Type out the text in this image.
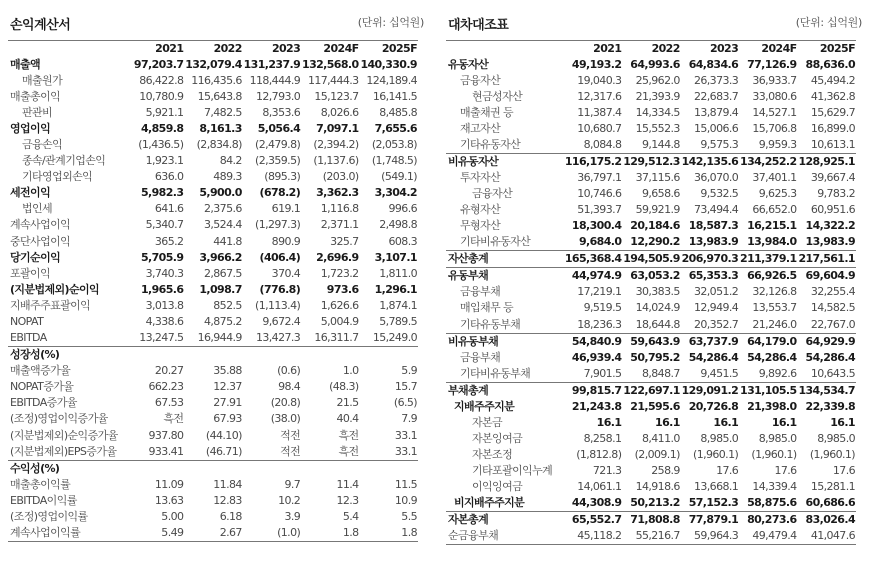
손익계산서	(단위: 십억원)
	2021	2022	2023	2024F	2025F
매출액	97,203.7	132,079.4	131,237.9	132,568.0	140,330.9
매출원가	86,422.8	116,435.6	118,444.9	117,444.3	124,189.4
매출총이익	10,780.9	15,643.8	12,793.0	15,123.7	16,141.5
판관비	5,921.1	7,482.5	8,353.6	8,026.6	8,485.8
영업이익	4,859.8	8,161.3	5,056.4	7,097.1	7,655.6
금융손익	(1,436.5)	(2,834.8)	(2,479.8)	(2,394.2)	(2,053.8)
종속/관계기업손익	1,923.1	84.2	(2,359.5)	(1,137.6)	(1,748.5)
기타영업외손익	636.0	489.3	(895.3)	(203.0)	(549.1)
세전이익	5,982.3	5,900.0	(678.2)	3,362.3	3,304.2
법인세	641.6	2,375.6	619.1	1,116.8	996.6
계속사업이익	5,340.7	3,524.4	(1,297.3)	2,371.1	2,498.8
중단사업이익	365.2	441.8	890.9	325.7	608.3
당기순이익	5,705.9	3,966.2	(406.4)	2,696.9	3,107.1
포괄이익	3,740.3	2,867.5	370.4	1,723.2	1,811.0
(지분법제외)순이익	1,965.6	1,098.7	(776.8)	973.6	1,296.1
지배주주표괄이익	3,013.8	852.5	(1,113.4)	1,626.6	1,874.1
NOPAT	4,338.6	4,875.2	9,672.4	5,004.9	5,789.5
EBITDA	13,247.5	16,944.9	13,427.3	16,311.7	15,249.0
성장성(%)					
매출액증가율	20.27	35.88	(0.6)	1.0	5.9
NOPAT증가율	662.23	12.37	98.4	(48.3)	15.7
EBITDA증가율	67.53	27.91	(20.8)	21.5	(6.5)
(조정)영업이익증가율	흑전	67.93	(38.0)	40.4	7.9
(지분법제외)순익증가율	937.80	(44.10)	적전	흑전	33.1
(지분법제외)EPS증가율	933.41	(46.71)	적전	흑전	33.1
수익성(%)					
매출총이익률	11.09	11.84	9.7	11.4	11.5
EBITDA이익률	13.63	12.83	10.2	12.3	10.9
(조정)영업이익률	5.00	6.18	3.9	5.4	5.5
계속사업이익률	5.49	2.67	(1.0)	1.8	1.8
대차대조표	(단위: 십억원)
	2021	2022	2023	2024F	2025F
유동자산	49,193.2	64,993.6	64,834.6	77,126.9	88,636.0
금융자산	19,040.3	25,962.0	26,373.3	36,933.7	45,494.2
현금성자산	12,317.6	21,393.9	22,683.7	33,080.6	41,362.8
매출채권 등	11,387.4	14,334.5	13,879.4	14,527.1	15,629.7
재고자산	10,680.7	15,552.3	15,006.6	15,706.8	16,899.0
기타유동자산	8,084.8	9,144.8	9,575.3	9,959.3	10,613.1
비유동자산	116,175.2	129,512.3	142,135.6	134,252.2	128,925.1
투자자산	36,797.1	37,115.6	36,070.0	37,401.1	39,667.4
금융자산	10,746.6	9,658.6	9,532.5	9,625.3	9,783.2
유형자산	51,393.7	59,921.9	73,494.4	66,652.0	60,951.6
무형자산	18,300.4	20,184.6	18,587.3	16,215.1	14,322.2
기타비유동자산	9,684.0	12,290.2	13,983.9	13,984.0	13,983.9
자산총계	165,368.4	194,505.9	206,970.3	211,379.1	217,561.1
유동부채	44,974.9	63,053.2	65,353.3	66,926.5	69,604.9
금융부채	17,219.1	30,383.5	32,051.2	32,126.8	32,255.4
매입채무 등	9,519.5	14,024.9	12,949.4	13,553.7	14,582.5
기타유동부채	18,236.3	18,644.8	20,352.7	21,246.0	22,767.0
비유동부채	54,840.9	59,643.9	63,737.9	64,179.0	64,929.9
금융부채	46,939.4	50,795.2	54,286.4	54,286.4	54,286.4
기타비유동부채	7,901.5	8,848.7	9,451.5	9,892.6	10,643.5
부채총계	99,815.7	122,697.1	129,091.2	131,105.5	134,534.7
지배주주지분	21,243.8	21,595.6	20,726.8	21,398.0	22,339.8
자본금	16.1	16.1	16.1	16.1	16.1
자본잉여금	8,258.1	8,411.0	8,985.0	8,985.0	8,985.0
자본조정	(1,812.8)	(2,009.1)	(1,960.1)	(1,960.1)	(1,960.1)
기타포괄이익누계	721.3	258.9	17.6	17.6	17.6
이익잉여금	14,061.1	14,918.6	13,668.1	14,339.4	15,281.1
비지배주주지분	44,308.9	50,213.2	57,152.3	58,875.6	60,686.6
자본총계	65,552.7	71,808.8	77,879.1	80,273.6	83,026.4
순금융부채	45,118.2	55,216.7	59,964.3	49,479.4	41,047.6
